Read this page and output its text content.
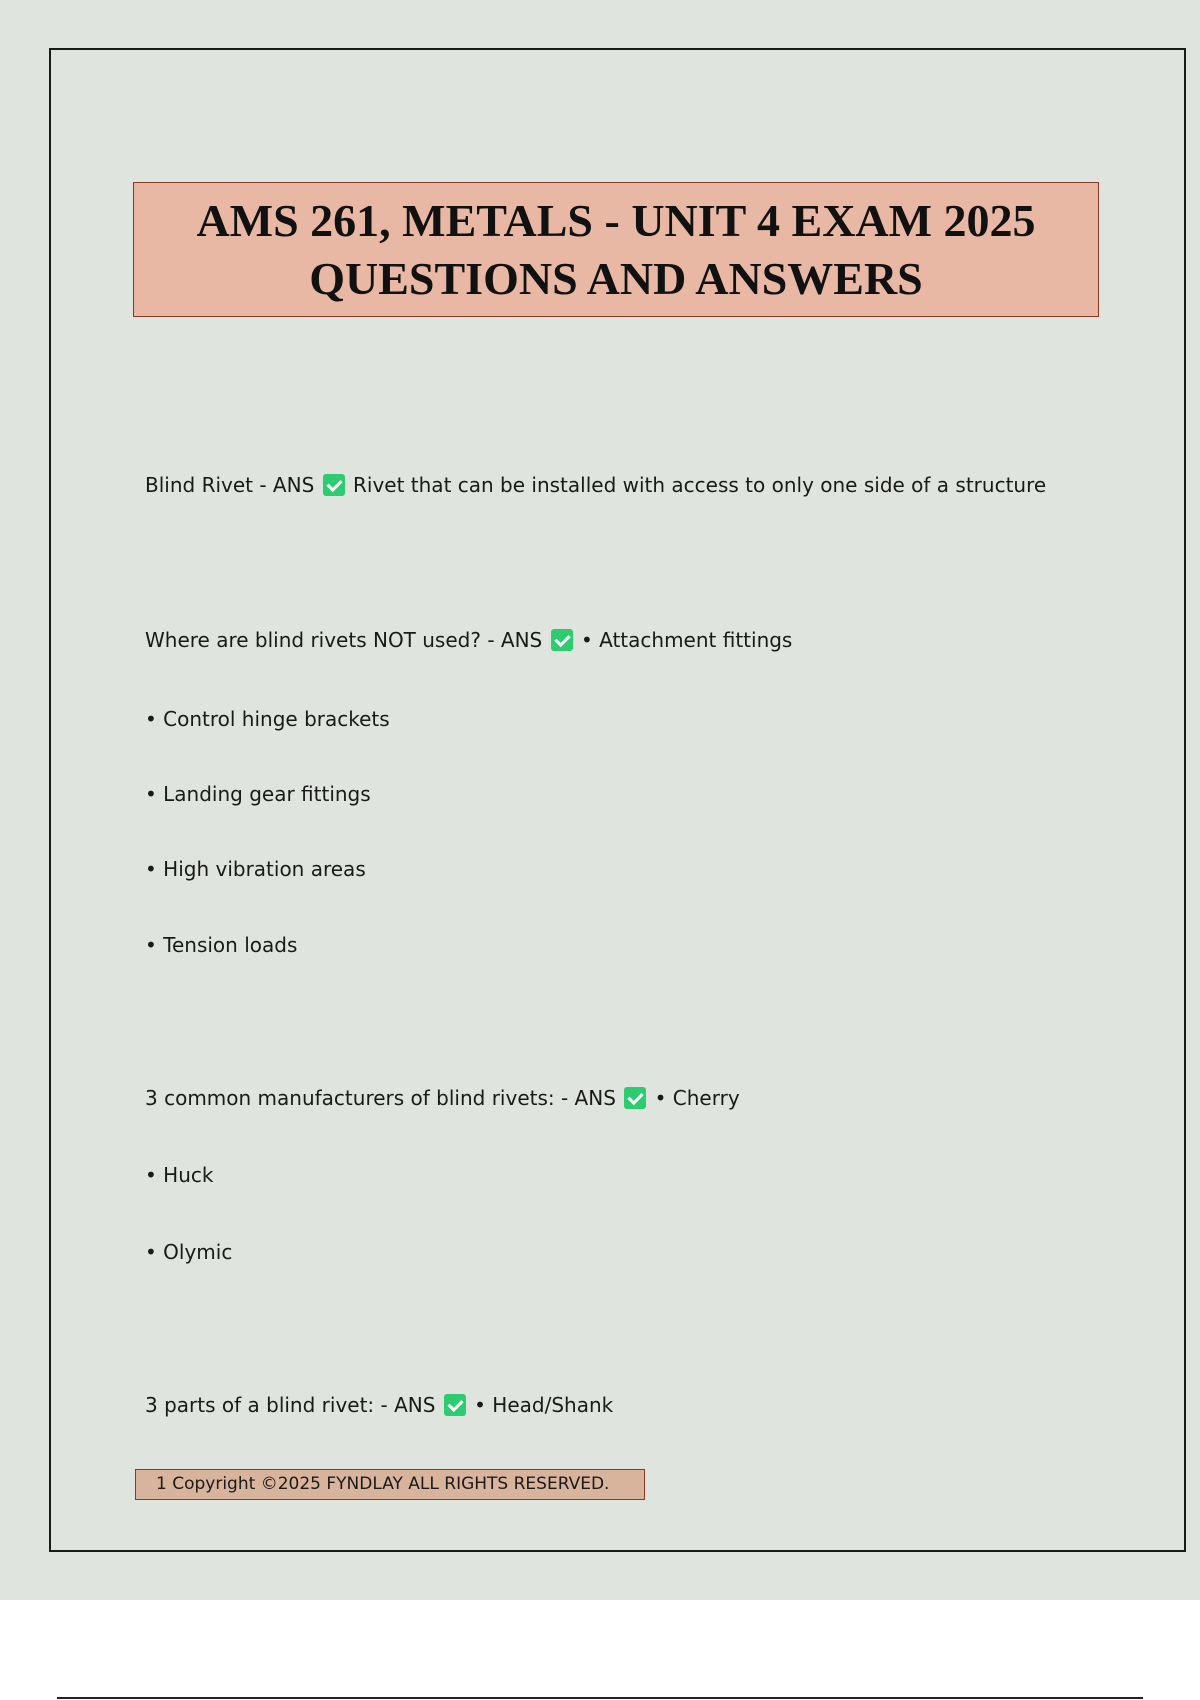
AMS 261, METALS - UNIT 4 EXAM 2025
QUESTIONS AND ANSWERS

Blind Rivet - ANS Rivet that can be installed with access to only one side of a structure

Where are blind rivets NOT used? - ANS • Attachment fittings

• Control hinge brackets

• Landing gear fittings

• High vibration areas

• Tension loads

3 common manufacturers of blind rivets: - ANS • Cherry

• Huck

• Olymic

3 parts of a blind rivet: - ANS • Head/Shank

1 Copyright ©2025 FYNDLAY ALL RIGHTS RESERVED.
